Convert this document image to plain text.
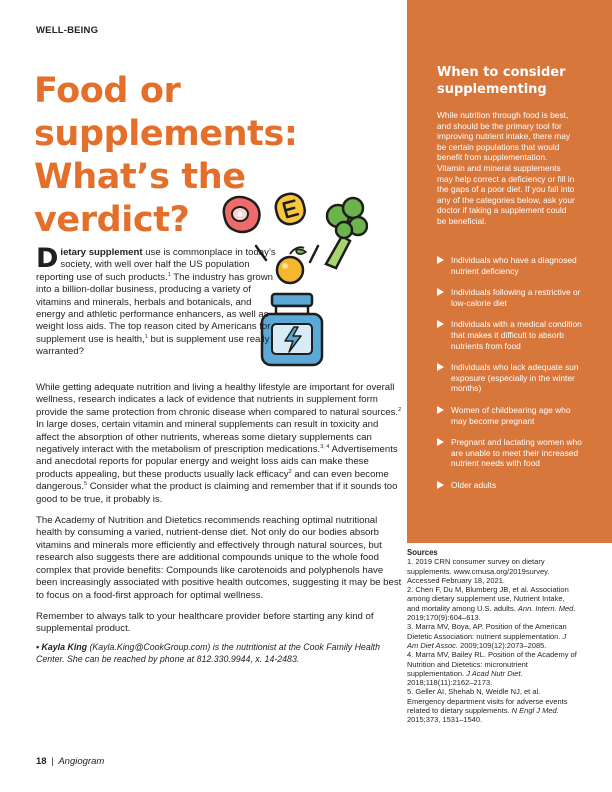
WELL-BEING
Food or
supplements:
What’s the
verdict?

Dietary supplement use is commonplace in today’s society, with well over half the US population reporting use of such products.$^1$ The industry has grown into a billion-dollar business, producing a variety of vitamins and minerals, herbals and botanicals, and energy and athletic performance enhancers, as well as weight loss aids. The top reason cited by Americans for supplement use is health,$^1$ but is supplement use really warranted?

While getting adequate nutrition and living a healthy lifestyle are important for overall wellness, research indicates a lack of evidence that nutrients in supplement form provide the same protection from chronic disease when compared to natural sources.$^2$ In large doses, certain vitamin and mineral supplements can result in toxicity and affect the absorption of other nutrients, whereas some dietary supplements can negatively interact with the metabolism of prescription medications.$^{3, 4}$ Advertisements and anecdotal reports for popular energy and weight loss aids can make these products appealing, but these products usually lack efficacy$^2$ and can even become dangerous.$^5$ Consider what the product is claiming and remember that if it sounds too good to be true, it probably is.

The Academy of Nutrition and Dietetics recommends reaching optimal nutritional health by consuming a varied, nutrient-dense diet. Not only do our bodies absorb vitamins and minerals more efficiently and effectively through natural sources, but research also suggests there are additional compounds unique to the whole food complex that provide benefits: Compounds like carotenoids and polyphenols have been increasingly associated with positive health outcomes, suggesting it may be best to focus on a food-first approach for optimal wellness.

Remember to always talk to your healthcare provider before starting any kind of supplemental product.

• Kayla King (Kayla.King@CookGroup.com) is the nutritionist at the Cook Family Health Center. She can be reached by phone at 812.330.9944, x. 14-2483.

When to consider supplementing

While nutrition through food is best, and should be the primary tool for improving nutrient intake, there may be certain populations that would benefit from supplementation. Vitamin and mineral supplements may help correct a deficiency or fill in the gaps of a poor diet. If you fall into any of the categories below, ask your doctor if taking a supplement could be beneficial.

Individuals who have a diagnosed nutrient deficiency
Individuals following a restrictive or low-calorie diet
Individuals with a medical condition that makes it difficult to absorb nutrients from food
Individuals who lack adequate sun exposure (especially in the winter months)
Women of childbearing age who may become pregnant
Pregnant and lactating women who are unable to meet their increased nutrient needs with food
Older adults
Sources

1. 2019 CRN consumer survey on dietary supplements. www.crnusa.org/2019survey. Accessed February 18, 2021.

2. Chen F, Du M, Blumberg JB, et al. Association among dietary supplement use, Nutrient Intake, and mortality among U.S. adults. Ann. Intern. Med. 2019;170(9):604–613.

3. Marra MV, Boya, AP. Position of the American Dietetic Association: nutrient supplementation. J Am Diet Assoc. 2009;109(12):2073–2085.

4. Marra MV, Bailey RL. Position of the Academy of Nutrition and Dietetics: micronutrient supplementation. J Acad Nutr Diet. 2018;118(11):2162–2173.

5. Geller AI, Shehab N, Weidle NJ, et al. Emergency department visits for adverse events related to dietary supplements. N Engl J Med. 2015;373, 1531–1540.

18 | Angiogram
